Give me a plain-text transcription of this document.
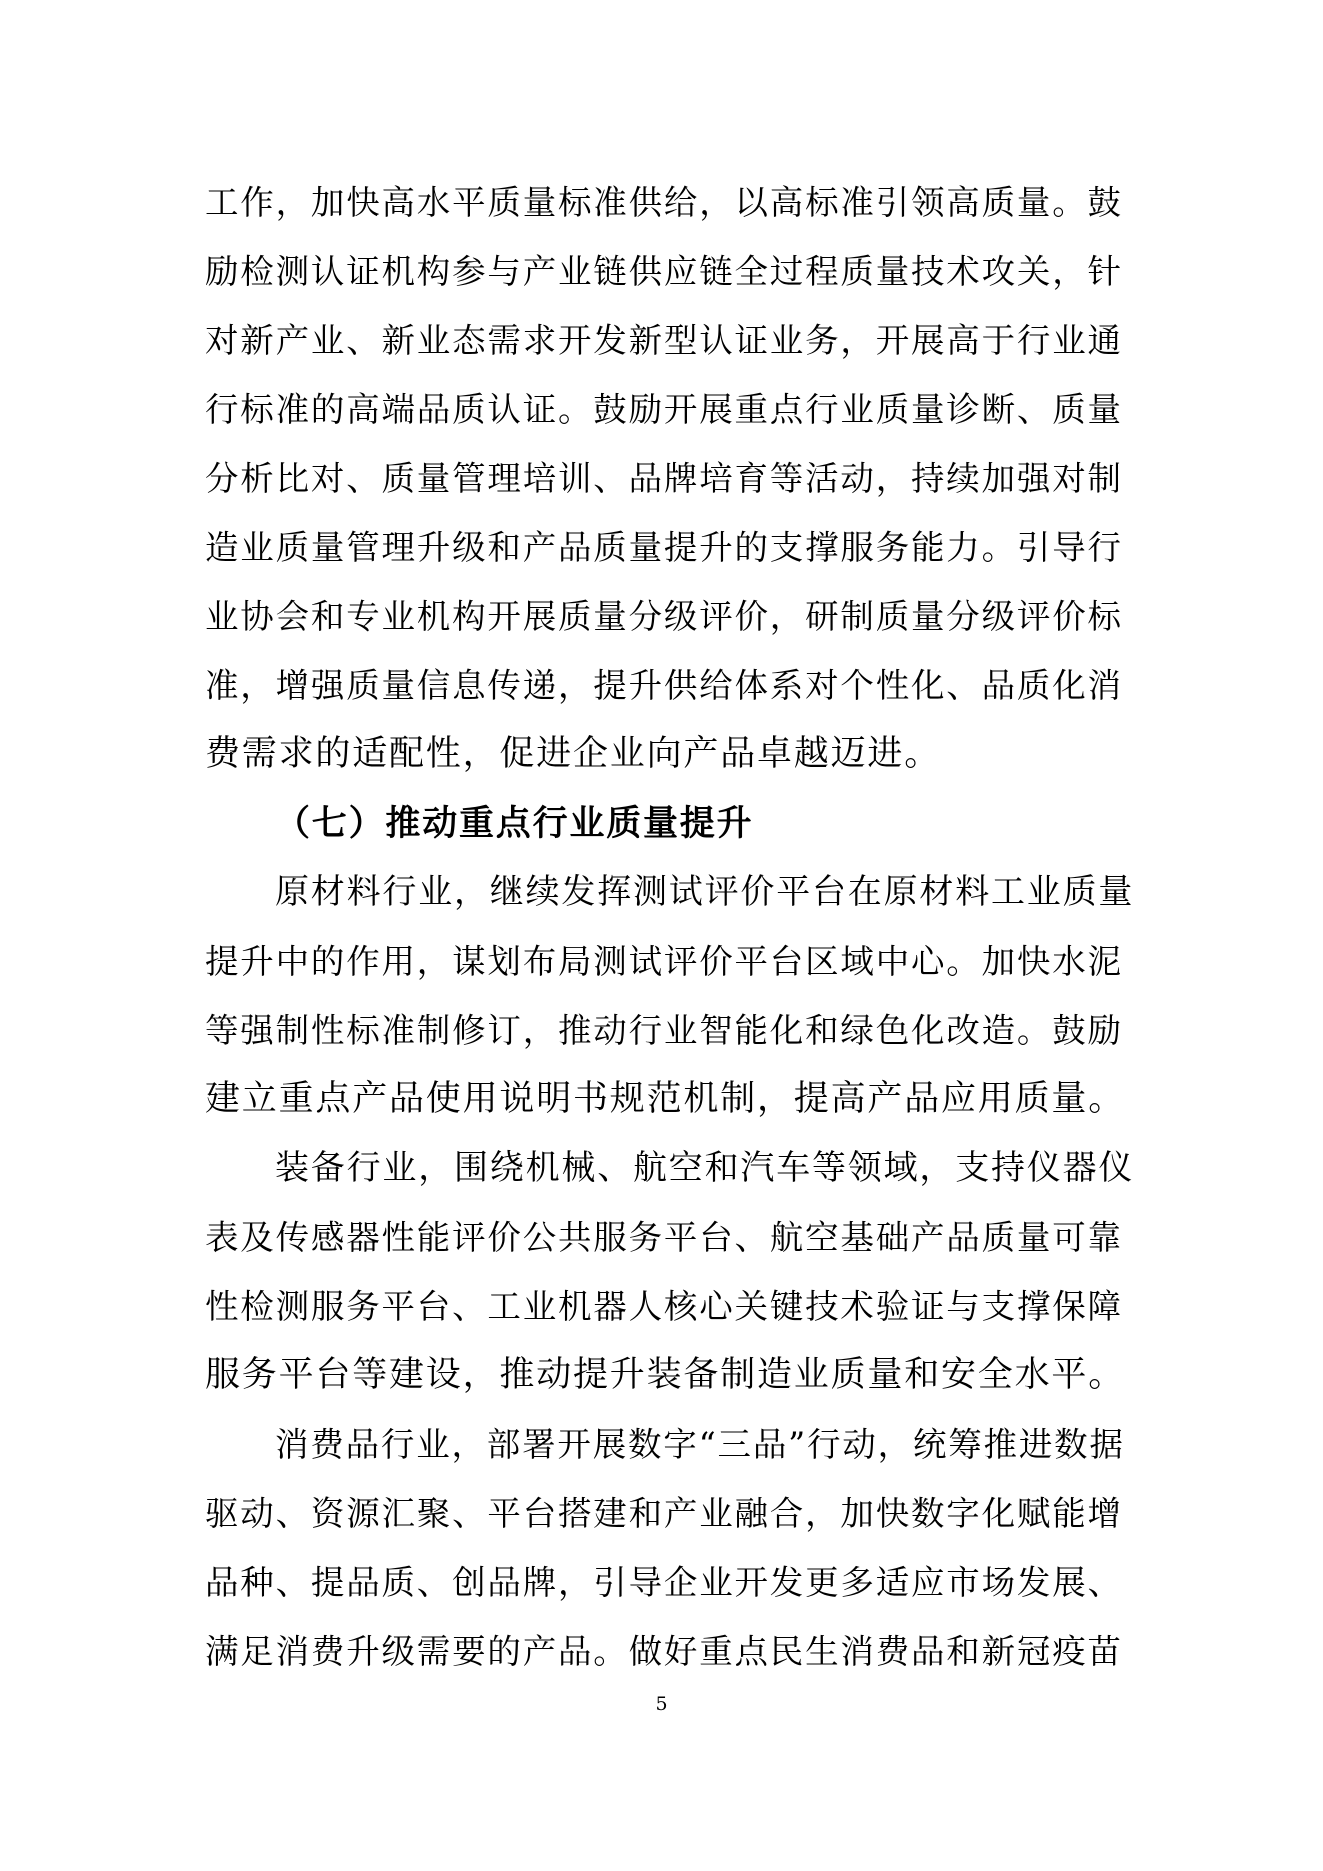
工作，加快高水平质量标准供给，以高标准引领高质量。鼓
励检测认证机构参与产业链供应链全过程质量技术攻关，针
对新产业、新业态需求开发新型认证业务，开展高于行业通
行标准的高端品质认证。鼓励开展重点行业质量诊断、质量
分析比对、质量管理培训、品牌培育等活动，持续加强对制
造业质量管理升级和产品质量提升的支撑服务能力。引导行
业协会和专业机构开展质量分级评价，研制质量分级评价标
准，增强质量信息传递，提升供给体系对个性化、品质化消
费需求的适配性，促进企业向产品卓越迈进。
（七）推动重点行业质量提升
原材料行业，继续发挥测试评价平台在原材料工业质量
提升中的作用，谋划布局测试评价平台区域中心。加快水泥
等强制性标准制修订，推动行业智能化和绿色化改造。鼓励
建立重点产品使用说明书规范机制，提高产品应用质量。
装备行业，围绕机械、航空和汽车等领域，支持仪器仪
表及传感器性能评价公共服务平台、航空基础产品质量可靠
性检测服务平台、工业机器人核心关键技术验证与支撑保障
服务平台等建设，推动提升装备制造业质量和安全水平。
消费品行业，部署开展数字“三品”行动，统筹推进数据
驱动、资源汇聚、平台搭建和产业融合，加快数字化赋能增
品种、提品质、创品牌，引导企业开发更多适应市场发展、
满足消费升级需要的产品。做好重点民生消费品和新冠疫苗
5
